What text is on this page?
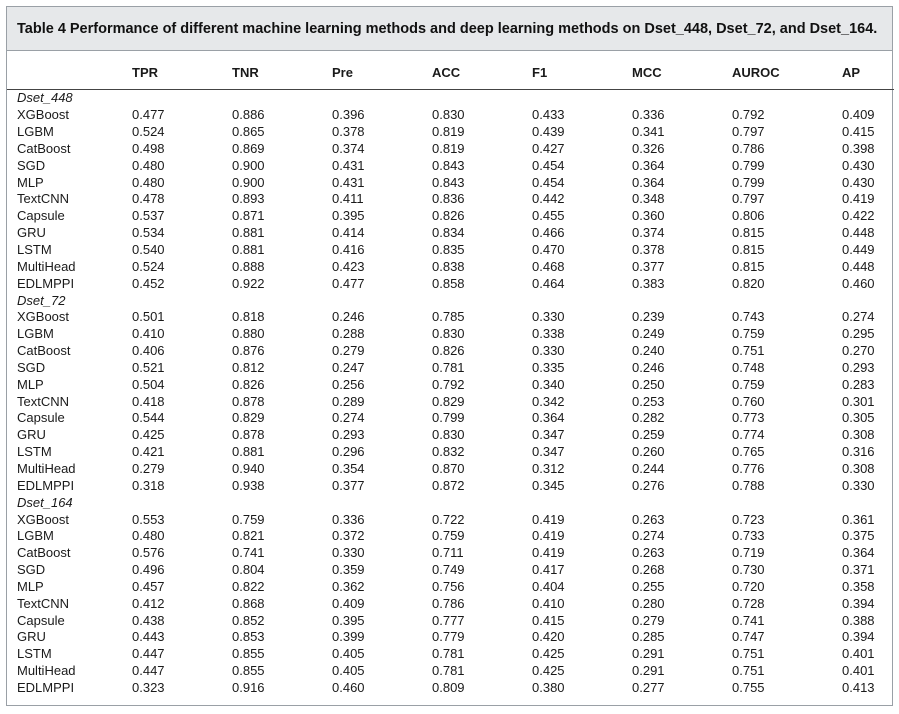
Table 4 Performance of different machine learning methods and deep learning methods on Dset_448, Dset_72, and Dset_164.
	TPR	TNR	Pre	ACC	F1	MCC	AUROC	AP
Dset_448								
XGBoost	0.477	0.886	0.396	0.830	0.433	0.336	0.792	0.409
LGBM	0.524	0.865	0.378	0.819	0.439	0.341	0.797	0.415
CatBoost	0.498	0.869	0.374	0.819	0.427	0.326	0.786	0.398
SGD	0.480	0.900	0.431	0.843	0.454	0.364	0.799	0.430
MLP	0.480	0.900	0.431	0.843	0.454	0.364	0.799	0.430
TextCNN	0.478	0.893	0.411	0.836	0.442	0.348	0.797	0.419
Capsule	0.537	0.871	0.395	0.826	0.455	0.360	0.806	0.422
GRU	0.534	0.881	0.414	0.834	0.466	0.374	0.815	0.448
LSTM	0.540	0.881	0.416	0.835	0.470	0.378	0.815	0.449
MultiHead	0.524	0.888	0.423	0.838	0.468	0.377	0.815	0.448
EDLMPPI	0.452	0.922	0.477	0.858	0.464	0.383	0.820	0.460
Dset_72								
XGBoost	0.501	0.818	0.246	0.785	0.330	0.239	0.743	0.274
LGBM	0.410	0.880	0.288	0.830	0.338	0.249	0.759	0.295
CatBoost	0.406	0.876	0.279	0.826	0.330	0.240	0.751	0.270
SGD	0.521	0.812	0.247	0.781	0.335	0.246	0.748	0.293
MLP	0.504	0.826	0.256	0.792	0.340	0.250	0.759	0.283
TextCNN	0.418	0.878	0.289	0.829	0.342	0.253	0.760	0.301
Capsule	0.544	0.829	0.274	0.799	0.364	0.282	0.773	0.305
GRU	0.425	0.878	0.293	0.830	0.347	0.259	0.774	0.308
LSTM	0.421	0.881	0.296	0.832	0.347	0.260	0.765	0.316
MultiHead	0.279	0.940	0.354	0.870	0.312	0.244	0.776	0.308
EDLMPPI	0.318	0.938	0.377	0.872	0.345	0.276	0.788	0.330
Dset_164								
XGBoost	0.553	0.759	0.336	0.722	0.419	0.263	0.723	0.361
LGBM	0.480	0.821	0.372	0.759	0.419	0.274	0.733	0.375
CatBoost	0.576	0.741	0.330	0.711	0.419	0.263	0.719	0.364
SGD	0.496	0.804	0.359	0.749	0.417	0.268	0.730	0.371
MLP	0.457	0.822	0.362	0.756	0.404	0.255	0.720	0.358
TextCNN	0.412	0.868	0.409	0.786	0.410	0.280	0.728	0.394
Capsule	0.438	0.852	0.395	0.777	0.415	0.279	0.741	0.388
GRU	0.443	0.853	0.399	0.779	0.420	0.285	0.747	0.394
LSTM	0.447	0.855	0.405	0.781	0.425	0.291	0.751	0.401
MultiHead	0.447	0.855	0.405	0.781	0.425	0.291	0.751	0.401
EDLMPPI	0.323	0.916	0.460	0.809	0.380	0.277	0.755	0.413
